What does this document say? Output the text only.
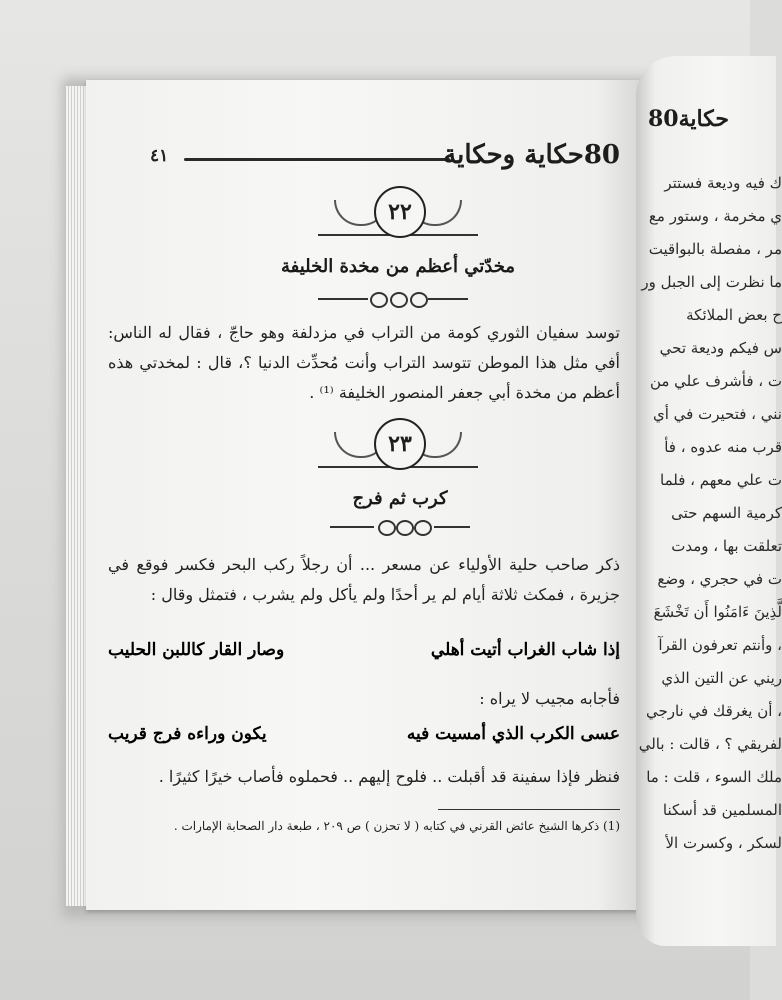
٤١	80حكاية وحكاية
٢٢
مخدّتي أعظم من مخدة الخليفة
توسد سفيان الثوري كومة من التراب في مزدلفة وهو حاجّ ، فقال له الناس: أفي مثل هذا الموطن تتوسد التراب وأنت مُحدِّث الدنيا ؟، قال : لمخدتي هذه أعظم من مخدة أبي جعفر المنصور الخليفة ⁽¹⁾ .
٢٣
كرب ثم فرج
ذكر صاحب حلية الأولياء عن مسعر ... أن رجلاً ركب البحر فكسر فوقع في جزيرة ، فمكث ثلاثة أيام لم ير أحدًا ولم يأكل ولم يشرب ، فتمثل وقال :
إذا شاب الغراب أتيت أهلي
وصار القار كاللبن الحليب
فأجابه مجيب لا يراه :
عسى الكرب الذي أمسيت فيه
يكون وراءه فرج قريب
فنظر فإذا سفينة قد أقبلت .. فلوح إليهم .. فحملوه فأصاب خيرًا كثيرًا .
(1) ذكرها الشيخ عائض القرني في كتابه ( لا تحزن ) ص ٢٠٩ ، طبعة دار الصحابة الإمارات .
80حكاية
ك فيه وديعة فستتر
ي مخرمة ، وستور مع
مر ، مفصلة بالبواقيت
ما نظرت إلى الجبل ور
ح بعض الملائكة
س فيكم وديعة تحي
ت ، فأشرف علي من
نني ، فتحيرت في أي
قرب منه عدوه ، فأ
ت علي معهم ، فلما
كرمية السهم حتى
تعلقت بها ، ومدت
ت في حجري ، وضع
لَّذِينَ ءَامَنُوا أَن تَخْشَعَ
، وأنتم تعرفون القرآ
ريني عن التين الذي
، أن يغرقك في نارجي
لفريقي ؟ ، قالت : بالي
ملك السوء ، قلت : ما
المسلمين قد أسكنا
لسكر ، وكسرت الأ
